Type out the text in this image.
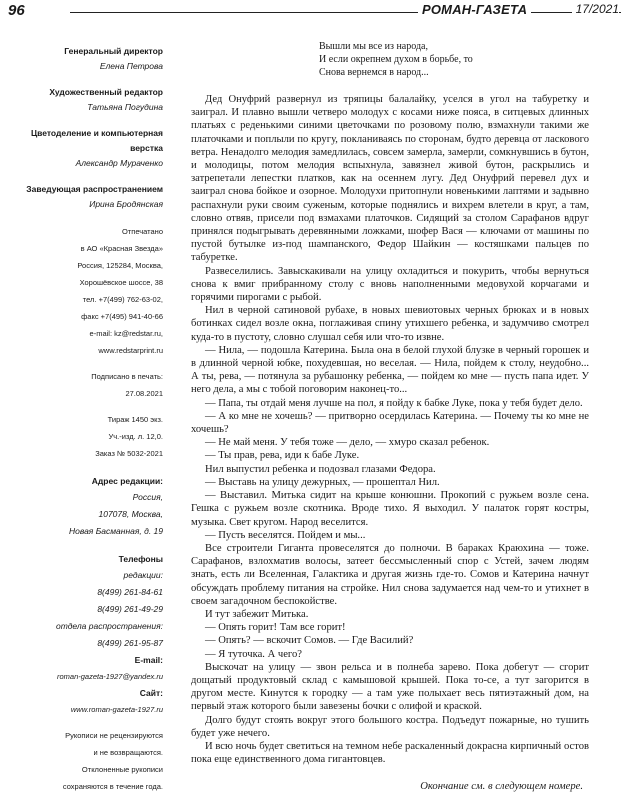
96	РОМАН-ГАЗЕТА	17/2021
Генеральный директор
Елена Петрова
Художественный редактор
Татьяна Погудина
Цветоделение и компьютерная верстка
Александр Мураченко
Заведующая распространением
Ирина Бродянская
Отпечатано
в АО «Красная Звезда»
Россия, 125284, Москва,
Хорошёвское шоссе, 38
тел. +7(499) 762-63-02,
факс +7(495) 941-40-66
e-mail: kz@redstar.ru,
www.redstarprint.ru
Подписано в печать:
27.08.2021
Тираж 1450 экз.
Уч.-изд. л. 12,0.
Заказ № 5032-2021
Адрес редакции:
Россия,
107078, Москва,
Новая Басманная, д. 19
Телефоны
редакции:
8(499) 261-84-61
8(499) 261-49-29
отдела распространения:
8(499) 261-95-87
E-mail:
roman-gazeta-1927@yandex.ru
Сайт:
www.roman-gazeta-1927.ru
Рукописи не рецензируются
и не возвращаются.
Отклоненные рукописи
сохраняются в течение года.
Вышли мы все из народа,
И если окрепнем духом в борьбе, то
Снова вернемся в народ...

Дед Онуфрий развернул из тряпицы балалайку, уселся в угол на табуретку и заиграл. И плавно вышли четверо молодух с косами ниже пояса, в ситцевых длинных платьях с реденькими синими цветочками по розовому полю, взмахнули такими же платочками и поплыли по кругу, покланиваясь по сторонам, будто деревца от ласкового ветра. Ненадолго мелодия замедлилась, совсем замерла, замерли, сомкнувшись в бутон, и молодицы, потом мелодия вспыхнула, завязнел живой бутон, раскрылись и затрепетали лепестки платков, как на осеннем лугу. Дед Онуфрий перевел дух и заиграл снова бойкое и озорное. Молодухи притопнули новенькими лаптями и задывно распахнули руки своим суженым, которые поднялись и вихрем влетели в круг, а там, словно отвяв, присели под взмахами платочков. Сидящий за столом Сарафанов вдруг принялся подыгрывать деревянными ложками, шофер Вася — ключами от машины по пустой бутылке из-под шампанского, Федор Шайкин — костяшками пальцев по табуретке.

Развеселились. Завыскакивали на улицу охладиться и покурить, чтобы вернуться снова к вмиг прибранному столу с вновь наполненными медовухой корчагами и горячими пирогами с рыбой.

Нил в черной сатиновой рубахе, в новых шевиотовых черных брюках и в новых ботинках сидел возле окна, поглаживая спину утихшего ребенка, и задумчиво смотрел куда-то в пустоту, словно слушал себя или что-то извне.

— Нила, — подошла Катерина. Была она в белой глухой блузке в черный горошек и в длинной черной юбке, похудевшая, но веселая. — Нила, пойдем к столу, неудобно... А ты, рева, — потянула за рубашонку ребенка, — пойдем ко мне — пусть папа идет. У него дела, а мы с тобой поговорим наконец-то...

— Папа, ты отдай меня лучше на пол, я пойду к бабке Луке, пока у тебя будет дело.

— А ко мне не хочешь? — притворно осердилась Катерина. — Почему ты ко мне не хочешь?

— Не май меня. У тебя тоже — дело, — хмуро сказал ребенок.

— Ты прав, рева, иди к бабе Луке.

Нил выпустил ребенка и подозвал глазами Федора.

— Выставь на улицу дежурных, — прошептал Нил.

— Выставил. Митька сидит на крыше конюшни. Прокопий с ружьем возле сена. Гешка с ружьем возле скотника. Вроде тихо. Я выходил. У палаток горят костры, музыка. Свет кругом. Народ веселится.

— Пусть веселятся. Пойдем и мы...

Все строители Гиганта провеселятся до полночи. В бараках Краюхина — тоже. Сарафанов, взлохматив волосы, затеет бессмысленный спор с Устей, зачем людям знать, есть ли Вселенная, Галактика и другая жизнь где-то. Сомов и Катерина начнут обсуждать проблему питания на стройке. Нил снова задумается над чем-то и утихнет в своем загадочном беспокойстве.

И тут забежит Митька.

— Опять горит! Там все горит!

— Опять? — вскочит Сомов. — Где Василий?

— Я туточка. А чего?

Выскочат на улицу — звон рельса и в полнеба зарево. Пока добегут — сгорит дощатый продуктовый склад с камышовой крышей. Пока то-се, а тут загорится в другом месте. Кинутся к городку — а там уже полыхает весь пятиэтажный дом, на первый этаж которого были завезены бочки с олифой и краской.

Долго будут стоять вокруг этого большого костра. Подъедут пожарные, но тушить будет уже нечего.

И всю ночь будет светиться на темном небе раскаленный докрасна кирпичный остов пока еще единственного дома гигантовцев.

Окончание см. в следующем номере.
